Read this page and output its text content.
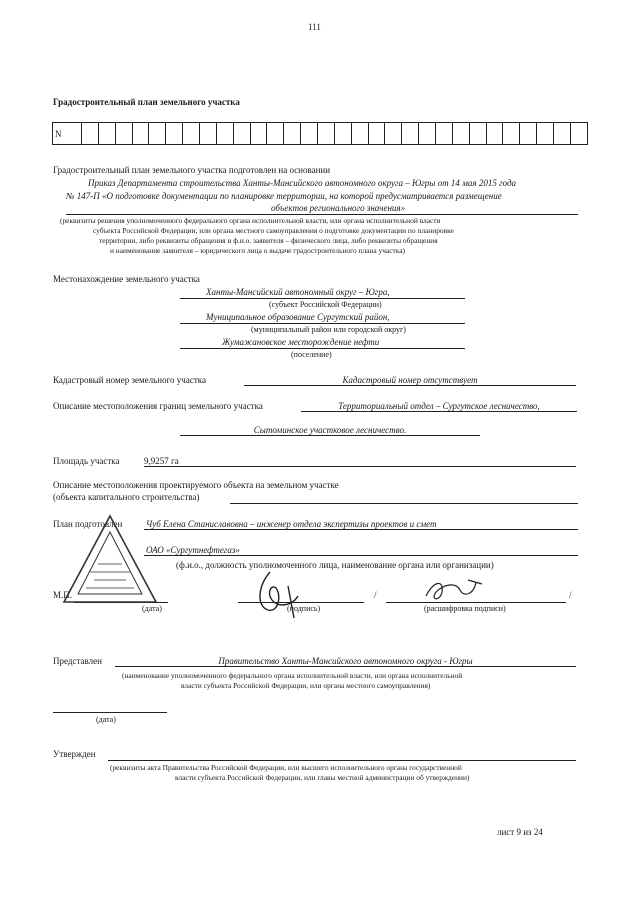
111
Градостроительный план земельного участка
N
Градостроительный план земельного участка подготовлен на основании
Приказ Департамента строительства Ханты-Мансийского автономного округа – Югры от 14 мая 2015 года
№ 147-П «О подготовке документации по планировке территории, на которой предусматривается размещение
объектов регионального значения»
(реквизиты решения уполномоченного федерального органа исполнительной власти, или органа исполнительной власти
субъекта Российской Федерации, или органа местного самоуправления о подготовке документации по планировке
территории, либо реквизиты обращения и ф.и.о. заявителя – физического лица, либо реквизиты обращения
и наименование заявителя – юридического лица о выдаче градостроительного плана участка)
Местонахождение земельного участка
Ханты-Мансийский автономный округ – Югра,
(субъект Российской Федерации)
Муниципальное образование Сургутский район,
(муниципальный район или городской округ)
Жумажановское месторождение нефти
(поселение)
Кадастровый номер земельного участка	Кадастровый номер отсутствует
Описание местоположения границ земельного участка	Территориальный отдел – Сургутское лесничество,
Сытоминское участковое лесничество.
Площадь участка	9,9257 га
Описание местоположения проектируемого объекта на земельном участке
(объекта капитального строительства)
План подготовлен	Чуб Елена Станиславовна – инженер отдела экспертизы проектов и смет
ОАО «Сургутнефтегаз»
(ф.и.о., должность уполномоченного лица, наименование органа или организации)
М.П.
(дата)	(подпись)
/
(расшифровка подписи)
/
Представлен	Правительство Ханты-Мансийского автономного округа - Югры
(наименование уполномоченного федерального органа исполнительной власти, или органа исполнительной
власти субъекта Российской Федерации, или органа местного самоуправления)
(дата)
Утвержден
(реквизиты акта Правительства Российской Федерации, или высшего исполнительного органа государственной
власти субъекта Российской Федерации, или главы местной администрации об утверждении)
лист 9 из 24
